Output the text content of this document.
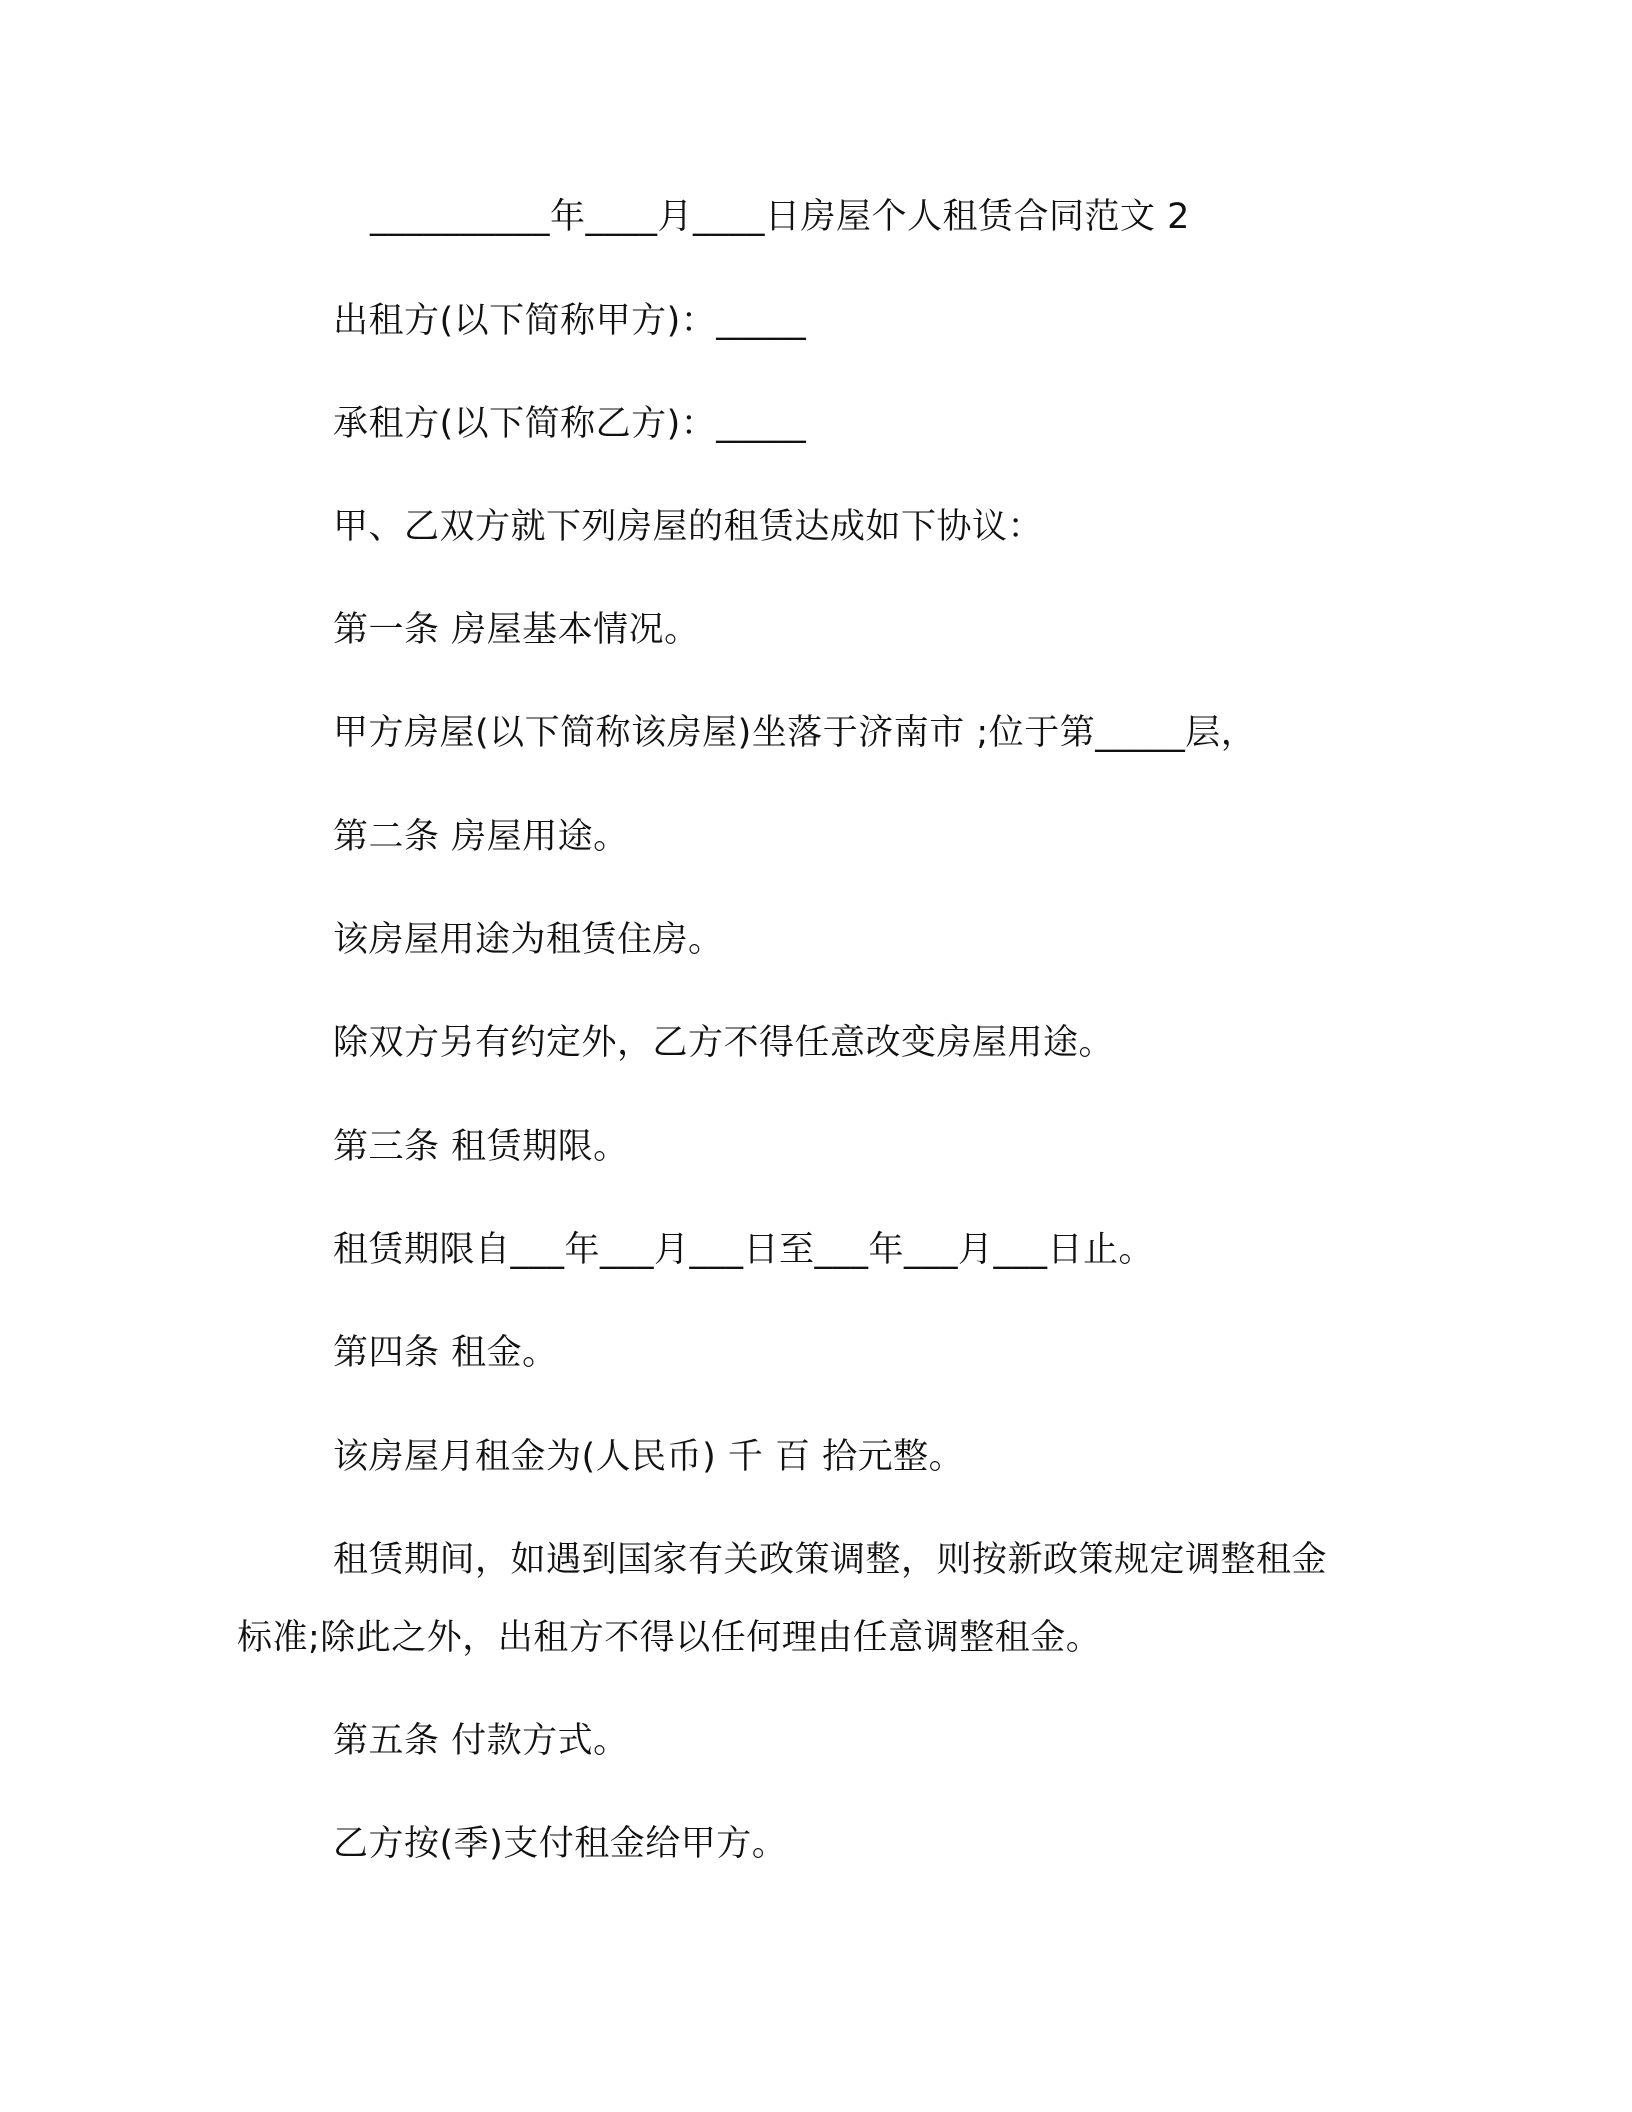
__________年____月____日房屋个人租赁合同范文 2
出租方(以下简称甲方)：_____
承租方(以下简称乙方)：_____
甲、乙双方就下列房屋的租赁达成如下协议：
第一条 房屋基本情况。
甲方房屋(以下简称该房屋)坐落于济南市 ;位于第_____层，
第二条 房屋用途。
该房屋用途为租赁住房。
除双方另有约定外，乙方不得任意改变房屋用途。
第三条 租赁期限。
租赁期限自___年___月___日至___年___月___日止。
第四条 租金。
该房屋月租金为(人民币) 千 百 拾元整。
租赁期间，如遇到国家有关政策调整，则按新政策规定调整租金
标准;除此之外，出租方不得以任何理由任意调整租金。
第五条 付款方式。
乙方按(季)支付租金给甲方。
